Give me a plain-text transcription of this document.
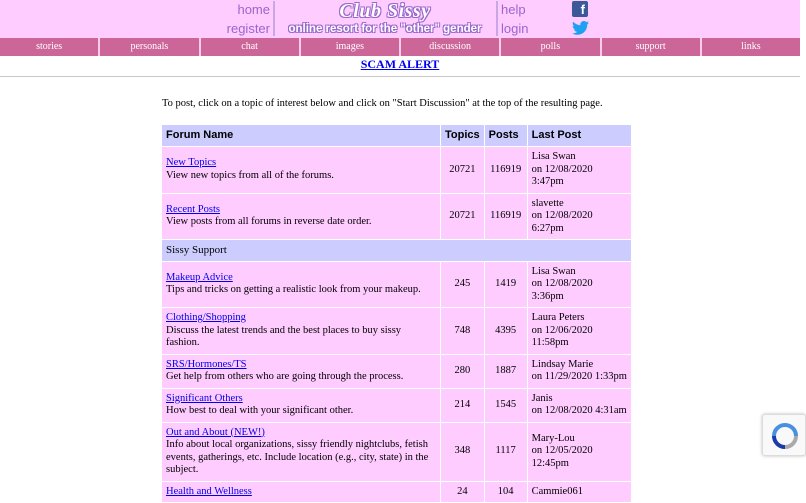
home
register
Club Sissy
online resort for the "other" gender
help
login
f
stories	personals	chat	images	discussion	polls	support	links
SCAM ALERT
To post, click on a topic of interest below and click on "Start Discussion" at the top of the resulting page.
Forum Name	Topics	Posts	Last Post
New Topics
View new topics from all of the forums.	20721	116919	Lisa Swan
on 12/08/2020 3:47pm
Recent Posts
View posts from all forums in reverse date order.	20721	116919	slavette
on 12/08/2020 6:27pm
Sissy Support			
Makeup Advice
Tips and tricks on getting a realistic look from your makeup.	245	1419	Lisa Swan
on 12/08/2020 3:36pm
Clothing/Shopping
Discuss the latest trends and the best places to buy sissy fashion.	748	4395	Laura Peters
on 12/06/2020 11:58pm
SRS/Hormones/TS
Get help from others who are going through the process.	280	1887	Lindsay Marie
on 11/29/2020 1:33pm
Significant Others
How best to deal with your significant other.	214	1545	Janis
on 12/08/2020 4:31am
Out and About (NEW!)
Info about local organizations, sissy friendly nightclubs, fetish events, gatherings, etc. Include location (e.g., city, state) in the subject.	348	1117	Mary-Lou
on 12/05/2020 12:45pm
Health and Wellness	24	104	Cammie061
